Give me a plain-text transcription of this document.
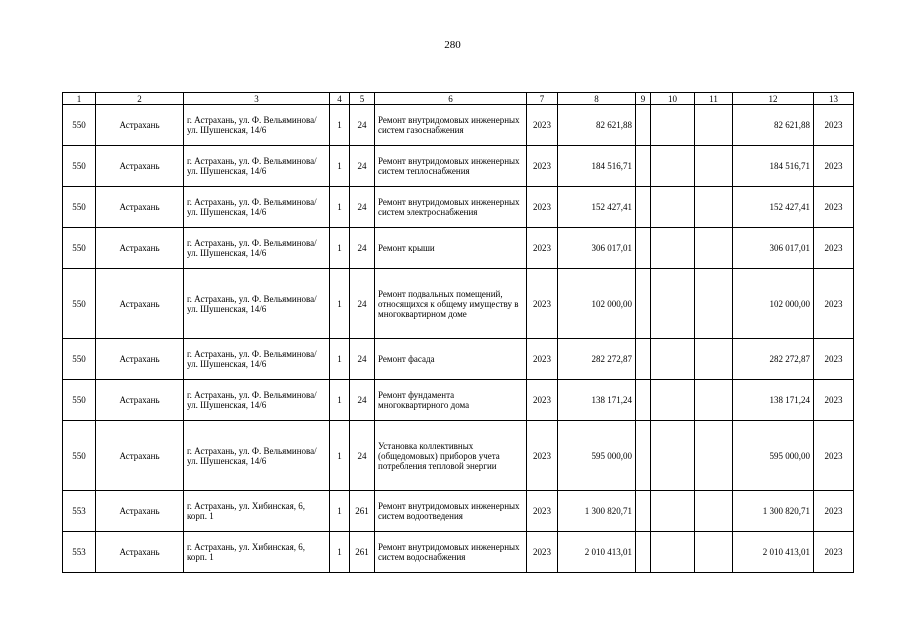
280
1	2	3	4	5	6	7	8	9	10	11	12	13
550	Астрахань	г. Астрахань, ул. Ф. Вельяминова/ ул. Шушенская, 14/6	1	24	Ремонт внутридомовых инженерных систем газоснабжения	2023	82 621,88				82 621,88	2023
550	Астрахань	г. Астрахань, ул. Ф. Вельяминова/ ул. Шушенская, 14/6	1	24	Ремонт внутридомовых инженерных систем теплоснабжения	2023	184 516,71				184 516,71	2023
550	Астрахань	г. Астрахань, ул. Ф. Вельяминова/ ул. Шушенская, 14/6	1	24	Ремонт внутридомовых инженерных систем электроснабжения	2023	152 427,41				152 427,41	2023
550	Астрахань	г. Астрахань, ул. Ф. Вельяминова/ ул. Шушенская, 14/6	1	24	Ремонт крыши	2023	306 017,01				306 017,01	2023
550	Астрахань	г. Астрахань, ул. Ф. Вельяминова/ ул. Шушенская, 14/6	1	24	Ремонт подвальных помещений, относящихся к общему имуществу в многоквартирном доме	2023	102 000,00				102 000,00	2023
550	Астрахань	г. Астрахань, ул. Ф. Вельяминова/ ул. Шушенская, 14/6	1	24	Ремонт фасада	2023	282 272,87				282 272,87	2023
550	Астрахань	г. Астрахань, ул. Ф. Вельяминова/ ул. Шушенская, 14/6	1	24	Ремонт фундамента многоквартирного дома	2023	138 171,24				138 171,24	2023
550	Астрахань	г. Астрахань, ул. Ф. Вельяминова/ ул. Шушенская, 14/6	1	24	Установка коллективных (общедомовых) приборов учета потребления тепловой энергии	2023	595 000,00				595 000,00	2023
553	Астрахань	г. Астрахань, ул. Хибинская, 6, корп. 1	1	261	Ремонт внутридомовых инженерных систем водоотведения	2023	1 300 820,71				1 300 820,71	2023
553	Астрахань	г. Астрахань, ул. Хибинская, 6, корп. 1	1	261	Ремонт внутридомовых инженерных систем водоснабжения	2023	2 010 413,01				2 010 413,01	2023
